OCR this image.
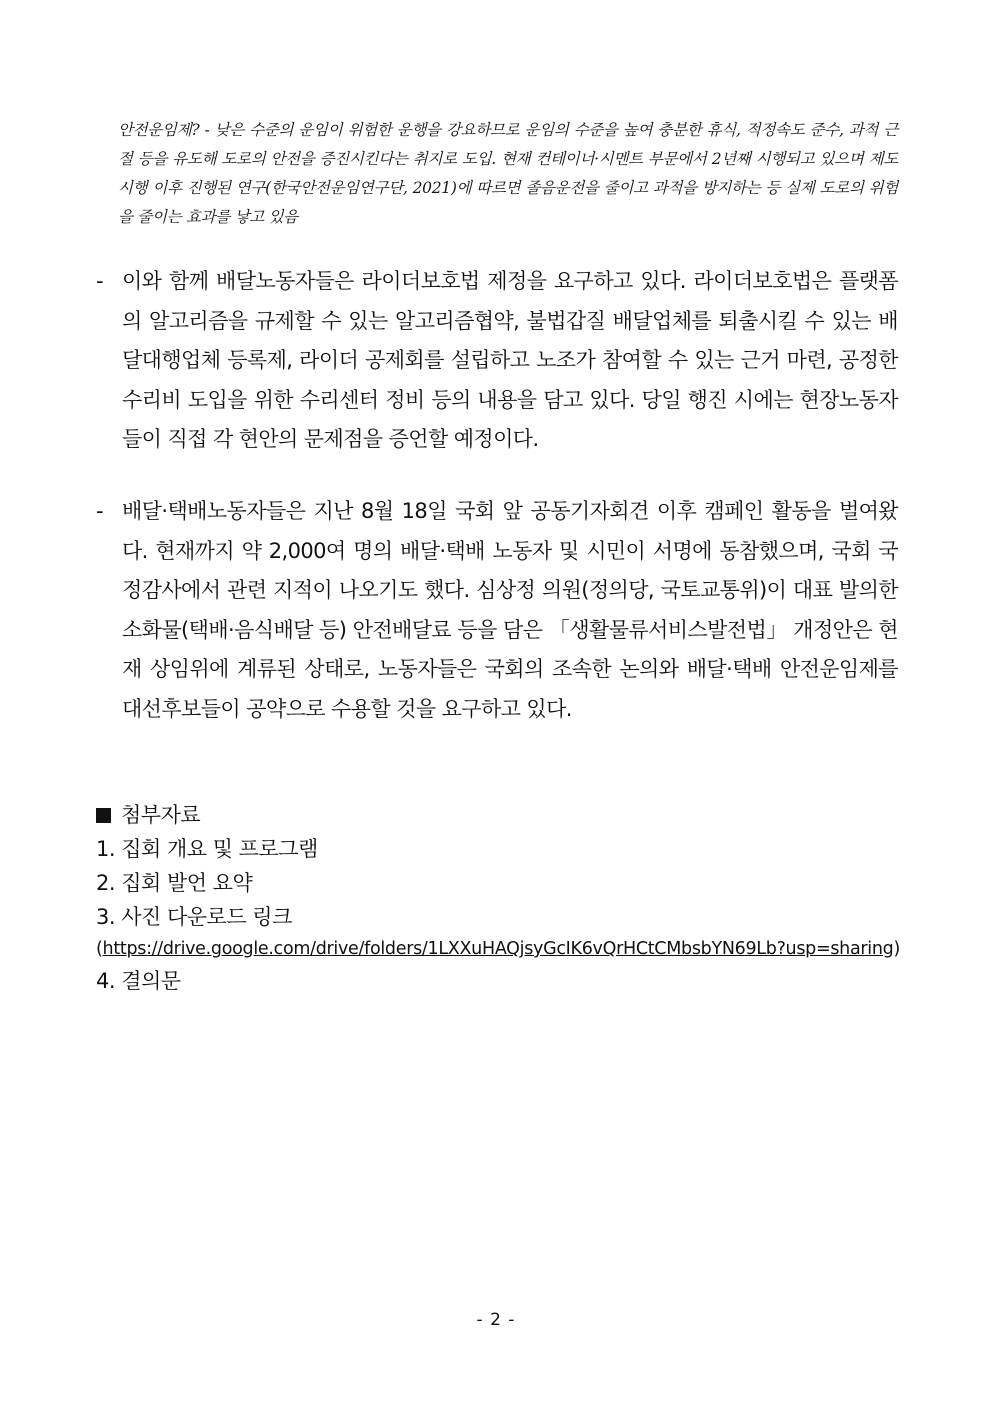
안전운임제? - 낮은 수준의 운임이 위험한 운행을 강요하므로 운임의 수준을 높여 충분한 휴식, 적정속도 준수, 과적 근절 등을 유도해 도로의 안전을 증진시킨다는 취지로 도입. 현재 컨테이너·시멘트 부문에서 2년째 시행되고 있으며 제도 시행 이후 진행된 연구(한국안전운임연구단, 2021)에 따르면 졸음운전을 줄이고 과적을 방지하는 등 실제 도로의 위험을 줄이는 효과를 낳고 있음
- 이와 함께 배달노동자들은 라이더보호법 제정을 요구하고 있다. 라이더보호법은 플랫폼의 알고리즘을 규제할 수 있는 알고리즘협약, 불법갑질 배달업체를 퇴출시킬 수 있는 배달대행업체 등록제, 라이더 공제회를 설립하고 노조가 참여할 수 있는 근거 마련, 공정한 수리비 도입을 위한 수리센터 정비 등의 내용을 담고 있다. 당일 행진 시에는 현장노동자들이 직접 각 현안의 문제점을 증언할 예정이다.
- 배달·택배노동자들은 지난 8월 18일 국회 앞 공동기자회견 이후 캠페인 활동을 벌여왔다. 현재까지 약 2,000여 명의 배달·택배 노동자 및 시민이 서명에 동참했으며, 국회 국정감사에서 관련 지적이 나오기도 했다. 심상정 의원(정의당, 국토교통위)이 대표 발의한 소화물(택배·음식배달 등) 안전배달료 등을 담은 「생활물류서비스발전법」 개정안은 현재 상임위에 계류된 상태로, 노동자들은 국회의 조속한 논의와 배달·택배 안전운임제를 대선후보들이 공약으로 수용할 것을 요구하고 있다.
첨부자료
1. 집회 개요 및 프로그램
2. 집회 발언 요약
3. 사진 다운로드 링크
(https://drive.google.com/drive/folders/1LXXuHAQjsyGcIK6vQrHCtCMbsbYN69Lb?usp=sharing)
4. 결의문
- 2 -
